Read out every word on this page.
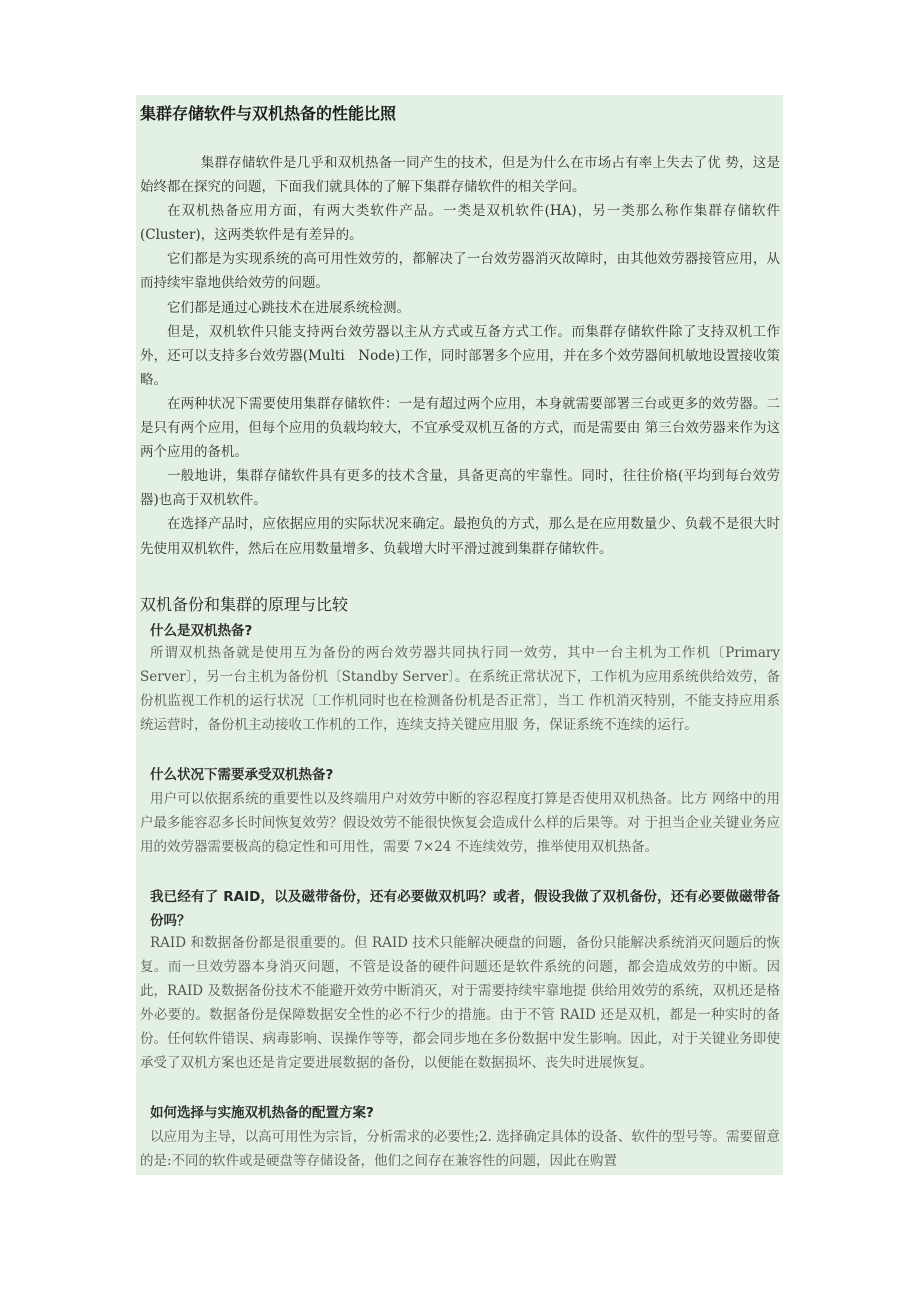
集群存储软件与双机热备的性能比照

集群存储软件是几乎和双机热备一同产生的技术，但是为什么在市场占有率上失去了优 势，这是始终都在探究的问题，下面我们就具体的了解下集群存储软件的相关学问。

在双机热备应用方面，有两大类软件产品。一类是双机软件(HA)，另一类那么称作集群存储软件(Cluster)，这两类软件是有差异的。

它们都是为实现系统的高可用性效劳的，都解决了一台效劳器消灭故障时，由其他效劳器接管应用，从而持续牢靠地供给效劳的问题。

它们都是通过心跳技术在进展系统检测。

但是，双机软件只能支持两台效劳器以主从方式或互备方式工作。而集群存储软件除了支持双机工作外，还可以支持多台效劳器(Multi　Node)工作，同时部署多个应用，并在多个效劳器间机敏地设置接收策略。

在两种状况下需要使用集群存储软件：一是有超过两个应用，本身就需要部署三台或更多的效劳器。二是只有两个应用，但每个应用的负载均较大，不宜承受双机互备的方式，而是需要由 第三台效劳器来作为这两个应用的备机。

一般地讲，集群存储软件具有更多的技术含量，具备更高的牢靠性。同时，往往价格(平均到每台效劳器)也高于双机软件。

在选择产品时，应依据应用的实际状况来确定。最抱负的方式，那么是在应用数量少、负载不是很大时先使用双机软件，然后在应用数量增多、负载增大时平滑过渡到集群存储软件。

双机备份和集群的原理与比较

什么是双机热备?

所谓双机热备就是使用互为备份的两台效劳器共同执行同一效劳，其中一台主机为工作机〔Primary Server〕，另一台主机为备份机〔Standby Server〕。在系统正常状况下，工作机为应用系统供给效劳，备份机监视工作机的运行状况〔工作机同时也在检测备份机是否正常〕，当工 作机消灭特别，不能支持应用系统运营时，备份机主动接收工作机的工作，连续支持关键应用服 务，保证系统不连续的运行。

什么状况下需要承受双机热备?

用户可以依据系统的重要性以及终端用户对效劳中断的容忍程度打算是否使用双机热备。比方 网络中的用户最多能容忍多长时间恢复效劳？假设效劳不能很快恢复会造成什么样的后果等。对 于担当企业关键业务应用的效劳器需要极高的稳定性和可用性，需要 7×24 不连续效劳，推举使用双机热备。

我已经有了 RAID，以及磁带备份，还有必要做双机吗？或者，假设我做了双机备份，还有必要做磁带备份吗？

RAID 和数据备份都是很重要的。但 RAID 技术只能解决硬盘的问题，备份只能解决系统消灭问题后的恢复。而一旦效劳器本身消灭问题，不管是设备的硬件问题还是软件系统的问题，都会造成效劳的中断。因此，RAID 及数据备份技术不能避开效劳中断消灭，对于需要持续牢靠地提 供给用效劳的系统，双机还是格外必要的。数据备份是保障数据安全性的必不行少的措施。由于不管 RAID 还是双机，都是一种实时的备份。任何软件错误、病毒影响、误操作等等，都会同步地在多份数据中发生影响。因此，对于关键业务即使承受了双机方案也还是肯定要进展数据的备份，以便能在数据损坏、丧失时进展恢复。

如何选择与实施双机热备的配置方案?

以应用为主导，以高可用性为宗旨，分析需求的必要性;2. 选择确定具体的设备、软件的型号等。需要留意的是:不同的软件或是硬盘等存储设备，他们之间存在兼容性的问题，因此在购置
